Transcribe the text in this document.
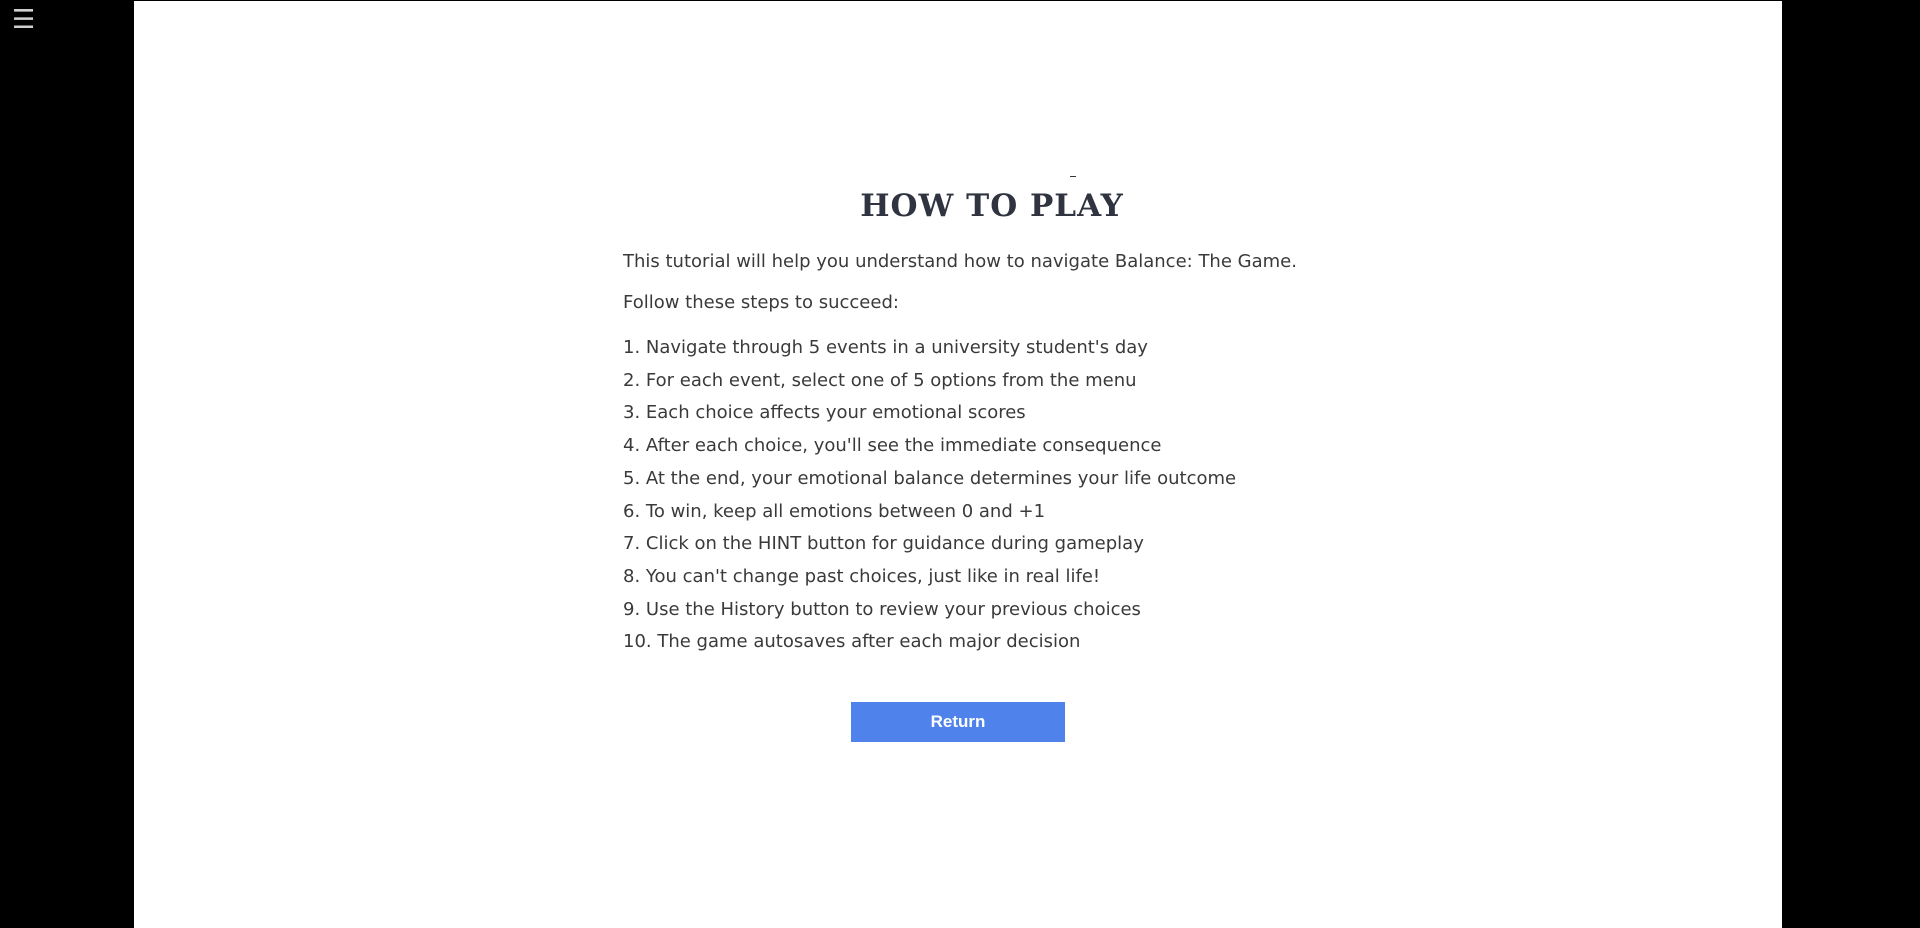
☰
HOW TO PLAY
This tutorial will help you understand how to navigate Balance: The Game.
Follow these steps to succeed:
1. Navigate through 5 events in a university student's day
2. For each event, select one of 5 options from the menu
3. Each choice affects your emotional scores
4. After each choice, you'll see the immediate consequence
5. At the end, your emotional balance determines your life outcome
6. To win, keep all emotions between 0 and +1
7. Click on the HINT button for guidance during gameplay
8. You can't change past choices, just like in real life!
9. Use the History button to review your previous choices
10. The game autosaves after each major decision
Return
